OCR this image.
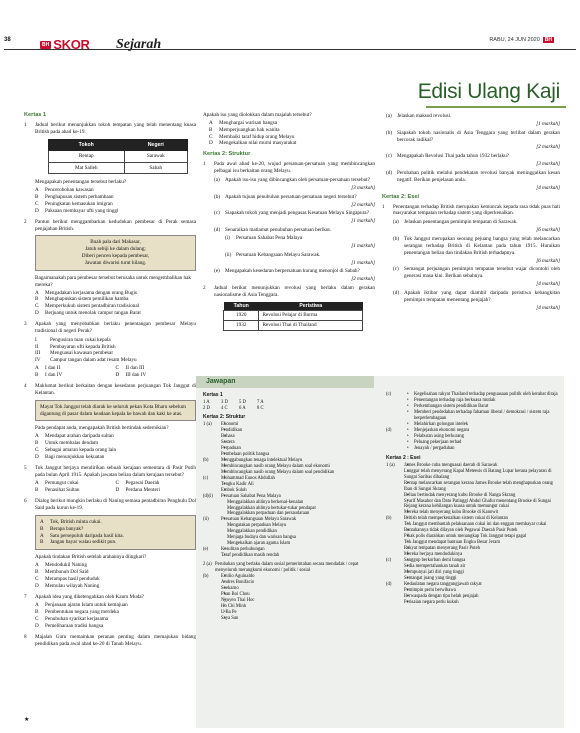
38
BH SKOR Sejarah	RABU, 24 JUN 2020	BH
Edisi Ulang Kaji
Kertas 1
1	Jadual berikut menunjukkan tokoh tempatan yang telah menentang kuasa British pada abad ke-19.
Tokoh	Negeri
Rentap	Sarawak
Mat Salleh	Sabah
Mengapakah penentangan tersebut berlaku?
A Pencerobohan kawasan
B Penghapusan sistem perhambaan
C Peningkatan kemasukan imigran
D Paksaan membayar ufti yang tinggi
2	Pantun berikut menggambarkan kedudukan pembesar di Perak semasa penjajahan British.
Buah pala dari Makasar,
Jatuh sebiji ke dalam dulang;
Diberi pencen kepada pembesar,
Jawatan diwarisi turut hilang.
Bagaimanakah para pembesar tersebut berusaha untuk mengembalikan hak mereka?
A Mengadakan kerjasama dengan orang Bugis
B Menghapuskan sistem pemilikan hamba
C Memperkukuh sistem pentadbiran tradisional
D Berjuang untuk menolak campur tangan Barat
3	Apakah yang menyebabkan berlaku penentangan pembesar Melayu tradisional di negeri Perak?
I	Pengusiran tuan cukai kepala
II	Pembayaran ufti kepada British
III	Menguasai kawasan pembesar
IV	Campur tangan dalam adat resam Melayu
A I dan II	C II dan III
B I dan IV	D III dan IV
4	Maklumat berikut berkaitan dengan kesedaran perjuangan Tok Janggut di Kelantan.
Mayat Tok Janggut telah diarak ke seluruh pekan Kota Bharu sebelum digantung di pasar dalam keadaan kepala ke bawah dan kaki ke atas.
Pada pendapat anda, mengapakah British bertindak sedemikian?
A Mendapat arahan daripada sultan
B Untuk membalas dendam
C Sebagai amaran kepada orang lain
D Bagi menunjukkan kekuatan
5	Tok Janggut berjaya mendirikan sebuah kerajaan sementara di Pasir Putih pada bulan April 1915. Apakah jawatan beliau dalam kerajaan tersebut?
A Pemungut cukai	C Pegawai Daerah
B Penasihat Sultan	D Perdana Menteri
6	Dialog berikut mungkin berlaku di Naning semasa pentadbiran Penghulu Dol Said pada kurun ke-19.
A Tok, British minta cukai.
B Berapa banyak?
A Satu persepuluh daripada hasil kita.
B Jangan bayar walau sedikit pun.
Apakah tindakan British setelah arahannya diingkari?
A Mendodukil Naning
B Membunuh Dol Said
C Merampas hasil penduduk
D Memulau wilayah Naning
7	Apakah idea yang diketengahkan oleh Kaum Muda?
A Penjanaan ajaran Islam untuk kemajuan
B Pembentukan negara yang merdeka
C Penubuhan syarikat kerjasama
D Pemeliharaan tradisi bangsa
8	Majalah Guru memainkan peranan penting dalam memajukan bidang pendidikan pada awal abad ke-20 di Tanah Melayu.
★
Apakah isu yang diolokkan dalam majalah tersebut?
A Menghargai warisan bangsa
B Memperjuangkan hak wanita
C Membaiki taraf hidup orang Melayu
D Mengekalkan nilai murni masyarakat
Kertas 2: Struktur
1	Pada awal abad ke-20, wujud persatuan-persatuan yang membincangkan pelbagai isu berkaitan orang Melayu.
(a)	Apakah isu-isu yang dibincangkan oleh persatuan-persatuan tersebut?
[3 markah]
(b) Apakah tujuan penubuhan persatuan-persatuan negeri tersebut?
[2 markah]
(c)	Siapakah tokoh yang menjadi pengasas Kesatuan Melayu Singapura?
[1 markah]
(d) Senaraikan matlamat penubuhan persatuan berikut.
(i)	Persatuan Sahabat Pena Malaya
[1 markah]
(ii) Persatuan Kebangsaan Melayu Sarawak.
[1 markah]
(e)	Mengapakah kesedaran berpersatuan kurang menonjol di Sabah?
[2 markah]
2	Jadual berikut menunjukkan revolusi yang berlaku dalam gerakan nasionalisme di Asia Tenggara.
Tahun	Peristiwa
1920	Revolusi Pelajar di Burma
1932	Revolusi Thai di Thailand
(a)	Jelaskan maksud revolusi.
[1 markah]
(b) Siapakah tokoh nasionalis di Asia Tenggara yang terlibat dalam gerakan bercorak radikal?
[2 markah]
(c)	Mengapakah Revolusi Thai pada tahun 1932 berlaku?
[3 markah]
(d) Perubahan politik melalui pendekatan revolusi banyak meninggalkan kesan negatif. Berikan penjelasan anda.
[4 markah]
Kertas 2: Esei
1	Penentangan terhadap British merupakan kemuncak kepada rasa tidak puas hati masyarakat tempatan terhadap sistem yang diperkenalkan.
(a)	Jelaskan penentangan pemimpin tempatan di Sarawak.
[6 markah]
(b) Tok Janggut merupakan seorang pejuang bangsa yang telah melancarkan serangan terhadap British di Kelantan pada tahun 1915. Huraikan penentangan beliau dan tindakan British terhadapnya.
[6 markah]
(c)	Semangat perjuangan pemimpin tempatan tersebut wajar dicontohi oleh generasi masa kini. Berikan sebabnya.
[4 markah]
(d) Apakah iktibar yang dapat diambil daripada peristiwa kebangkitan pemimpin tempatan menentang penjajah?
[4 markah]
Jawapan
Kertas 1
1 A	3 D	5 D	7 A
2 D	4 C	6 A	8 C
Kertas 2: Struktur
1 (a)	• Ekonomi
• Pendidikan
• Bahasa
• Sastera
• Perpaduan
• Pembelaan politik bangsa
(b)	• Menggabungkan tenaga intelektual Melayu
• Membincangkan nasib orang Melayu dalam soal ekonomi
• Membincangkan nasib orang Melayu dalam soal pendidikan
(c)	• Mohammad Eunos Abdullah
• Tengku Kadir Ali
• Embok Suloh
(d)(i)	• Persatuan Sahabat Pena Malaya
Menggalakkan ahlinya berkenal-kenalan
Menggalakkan ahlinya bertukar-tukar pendapat
Menggalakkan perpaduan dan persaudaraan
(ii)	• Persatuan Kebangsaan Melayu Sarawak
Mengatakan perpaduan Melayu
Menggalakkan pendidikan
Menjaga budaya dan warisan bangsa
Mengekalkan ajaran agama Islam
(e)	• Kesulitan perhubungan
• Taraf pendidikan masih rendah
2 (a) Perubahan yang berlaku dalam sosial pemerintahan secara mendadak / cepat menyeluruh merangkumi ekonomi / politik / sosial
(b)	• Emilio Aguinaldo
• Andres Bonifacio
• Soekarno
• Phan Boi Chou
• Nguyen Thai Hoc
• Ho Chi Minh
• U Ba Pe
• Saya San
(c)	• Kegelisahan rakyat Thailand terhadap penguasaan politik oleh kerabat diraja
• Penentangan terhadap raja berkuasa mutlak
• Perkembangan sistem pendidikan Barat
• Memberi pendedahan terhadap fahaman liberal / demokrasi / sistem raja berperlembagaan
• Melahirkan golongan intelek
(d)	• Menjejaskan ekonomi negara
• Pelaburan asing berkurang
• Peluang pekerjaan terhad
• Jenayah / pergaduhan
Kertas 2 : Esei
1 (a)	• James Brooke cuba menguasai daerah di Sarawak
• Langgar telah menyerang Kapal Meteesis di Batang Lupar kerana pelayaran di Sungai Saribas dihalang
• Rentap melancarkan serangan kerana James Brooke telah menghapuskan orang Iban di Sungai Skrang
• Beliau bertindak menyerang kubu Brooke di Nanga Skrang
• Syarif Masahor dan Dato Patinggi Abdul Ghafur menentang Brooke di Sungai Rejang kerana kehilangan kuasa untuk memungut cukai
• Mereka telah menyerang kubu Brooke di Kanowit
(b)	• British telah memperkenalkan sistem cukai di Kelantan
• Tok Janggut membantah pelaksanaan cukai ini dan enggan membayar cukai
• Bantahannya tidak dilayan oleh Pegawai Daerah Pasir Puteh
• Pihak polis diarahkan untuk menangkap Tok Janggut tetapi gagal
• Tok Janggut mendapat bantuan Engku Besar Jeram
• Rakyat tempatan menyerang Pasir Puteh
• Mereka berjaya mendudukinya
(c)	• Sanggup berkorban demi bangsa
• Sedia mempertahankan tanah air
• Mempunyai jati diri yang tinggi
• Semangat juang yang tinggi
(d)	• Kedaulatan negara tanggungjawab rakyat
• Pemimpin perlu berwibawa
• Berwaspada dengan tipu helah penjajah
• Perisaian negara perlu kukuh
